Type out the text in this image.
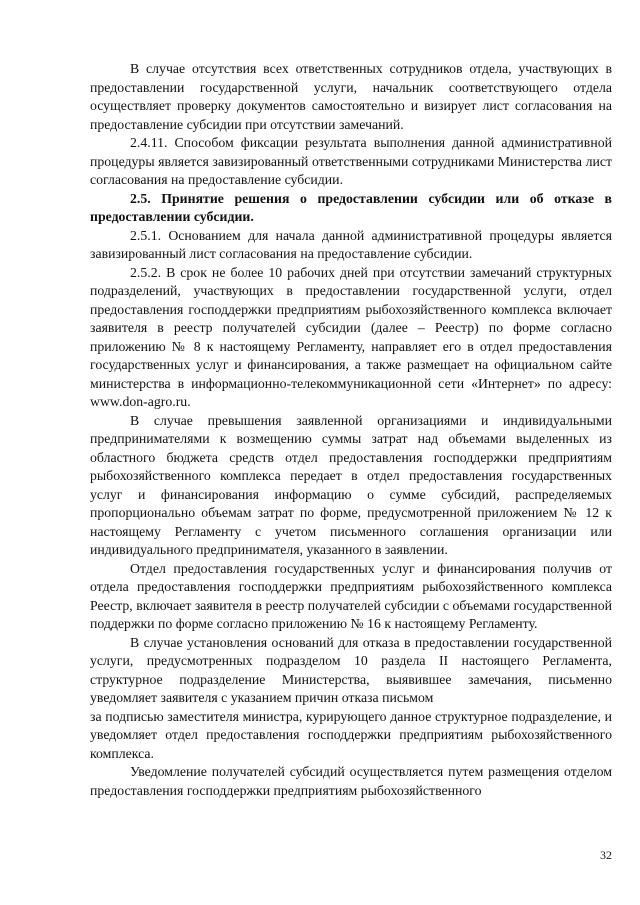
В случае отсутствия всех ответственных сотрудников отдела, участвующих в предоставлении государственной услуги, начальник соответствующего отдела осуществляет проверку документов самостоятельно и визирует лист согласования на предоставление субсидии при отсутствии замечаний.

2.4.11. Способом фиксации результата выполнения данной административной процедуры является завизированный ответственными сотрудниками Министерства лист согласования на предоставление субсидии.

2.5. Принятие решения о предоставлении субсидии или об отказе в предоставлении субсидии.

2.5.1. Основанием для начала данной административной процедуры является завизированный лист согласования на предоставление субсидии.

2.5.2. В срок не более 10 рабочих дней при отсутствии замечаний структурных подразделений, участвующих в предоставлении государственной услуги, отдел предоставления господдержки предприятиям рыбохозяйственного комплекса включает заявителя в реестр получателей субсидии (далее – Реестр) по форме согласно приложению № 8 к настоящему Регламенту, направляет его в отдел предоставления государственных услуг и финансирования, а также размещает на официальном сайте министерства в информационно-телекоммуникационной сети «Интернет» по адресу: www.don-agro.ru.

В случае превышения заявленной организациями и индивидуальными предпринимателями к возмещению суммы затрат над объемами выделенных из областного бюджета средств отдел предоставления господдержки предприятиям рыбохозяйственного комплекса передает в отдел предоставления государственных услуг и финансирования информацию о сумме субсидий, распределяемых пропорционально объемам затрат по форме, предусмотренной приложением № 12 к настоящему Регламенту с учетом письменного соглашения организации или индивидуального предпринимателя, указанного в заявлении.

Отдел предоставления государственных услуг и финансирования получив от отдела предоставления господдержки предприятиям рыбохозяйственного комплекса Реестр, включает заявителя в реестр получателей субсидии с объемами государственной поддержки по форме согласно приложению № 16 к настоящему Регламенту.

В случае установления оснований для отказа в предоставлении государственной услуги, предусмотренных подразделом 10 раздела II настоящего Регламента, структурное подразделение Министерства, выявившее замечания, письменно уведомляет заявителя с указанием причин отказа письмом

за подписью заместителя министра, курирующего данное структурное подразделение, и уведомляет отдел предоставления господдержки предприятиям рыбохозяйственного комплекса.

Уведомление получателей субсидий осуществляется путем размещения отделом предоставления господдержки предприятиям рыбохозяйственного

32
